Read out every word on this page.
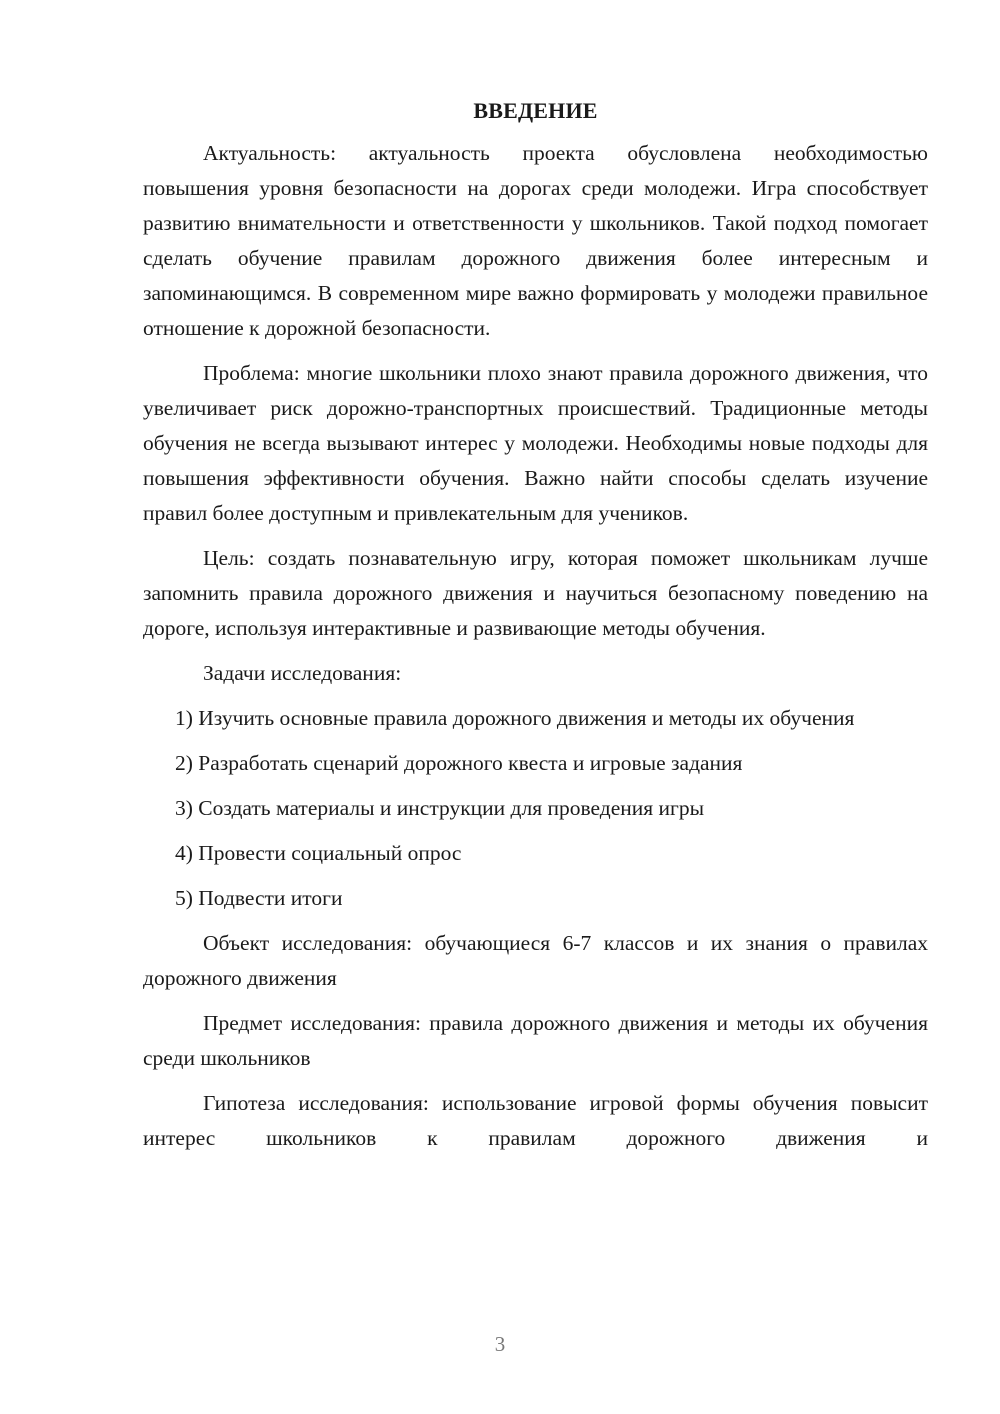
ВВЕДЕНИЕ

Актуальность: актуальность проекта обусловлена необходимостью повышения уровня безопасности на дорогах среди молодежи. Игра способствует развитию внимательности и ответственности у школьников. Такой подход помогает сделать обучение правилам дорожного движения более интересным и запоминающимся. В современном мире важно формировать у молодежи правильное отношение к дорожной безопасности.

Проблема: многие школьники плохо знают правила дорожного движения, что увеличивает риск дорожно-транспортных происшествий. Традиционные методы обучения не всегда вызывают интерес у молодежи. Необходимы новые подходы для повышения эффективности обучения. Важно найти способы сделать изучение правил более доступным и привлекательным для учеников.

Цель: создать познавательную игру, которая поможет школьникам лучше запомнить правила дорожного движения и научиться безопасному поведению на дороге, используя интерактивные и развивающие методы обучения.

Задачи исследования:

1) Изучить основные правила дорожного движения и методы их обучения

2) Разработать сценарий дорожного квеста и игровые задания

3) Создать материалы и инструкции для проведения игры

4) Провести социальный опрос

5) Подвести итоги

Объект исследования: обучающиеся 6-7 классов и их знания о правилах дорожного движения

Предмет исследования: правила дорожного движения и методы их обучения среди школьников

Гипотеза исследования: использование игровой формы обучения повысит интерес школьников к правилам дорожного движения и

3
